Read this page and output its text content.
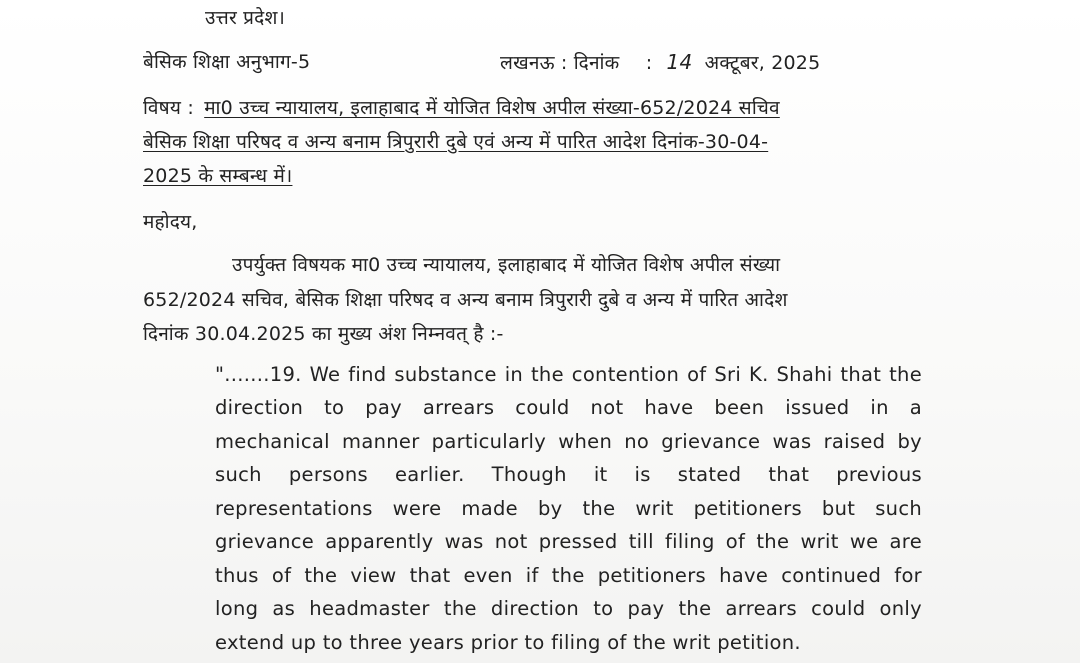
उत्तर प्रदेश।
बेसिक शिक्षा अनुभाग-5	लखनऊ : दिनांक : 14 अक्टूबर, 2025
विषय : मा0 उच्च न्यायालय, इलाहाबाद में योजित विशेष अपील संख्या-652/2024 सचिव
बेसिक शिक्षा परिषद व अन्य बनाम त्रिपुरारी दुबे एवं अन्य में पारित आदेश दिनांक-30-04-
2025 के सम्बन्ध में।
महोदय,
उपर्युक्त विषयक मा0 उच्च न्यायालय, इलाहाबाद में योजित विशेष अपील संख्या
652/2024 सचिव, बेसिक शिक्षा परिषद व अन्य बनाम त्रिपुरारी दुबे व अन्य में पारित आदेश
दिनांक 30.04.2025 का मुख्य अंश निम्नवत् है :-
".......19. We find substance in the contention of Sri K. Shahi that the
direction to pay arrears could not have been issued in a
mechanical manner particularly when no grievance was raised by
such persons earlier. Though it is stated that previous
representations were made by the writ petitioners but such
grievance apparently was not pressed till filing of the writ we are
thus of the view that even if the petitioners have continued for
long as headmaster the direction to pay the arrears could only
extend up to three years prior to filing of the writ petition.
